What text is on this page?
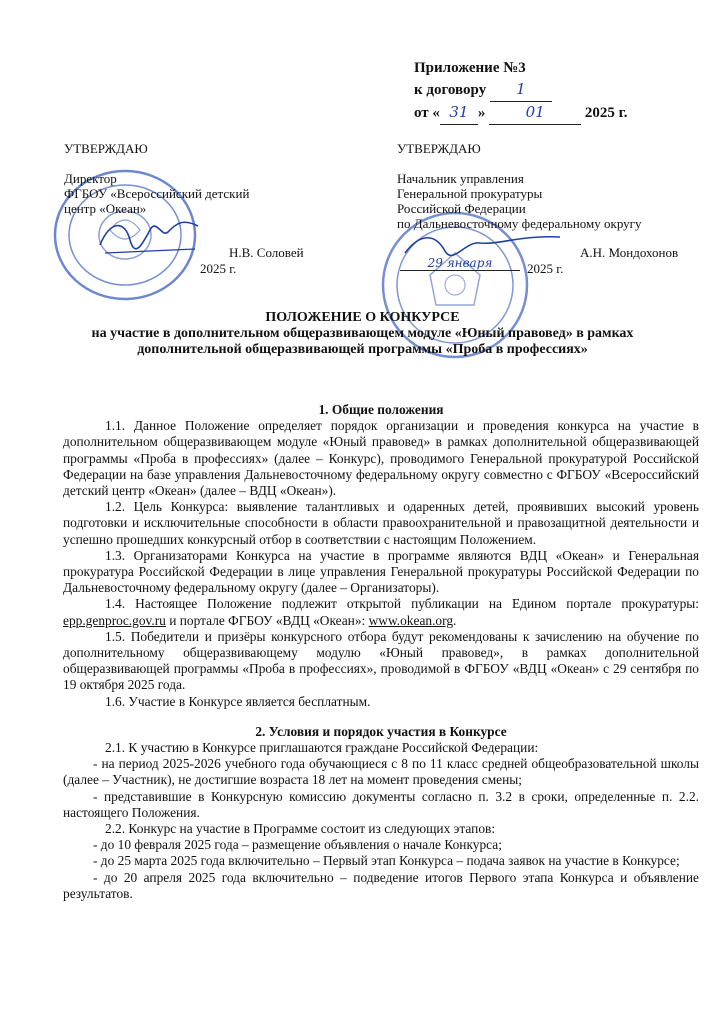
Приложение №3
к договору 1
от « 31 »	01	2025 г.
УТВЕРЖДАЮ
Директор
ФГБОУ «Всероссийский детский
центр «Океан»
Н.В. Соловей
2025 г.
УТВЕРЖДАЮ
Начальник управления
Генеральной прокуратуры
Российской Федерации
по Дальневосточному федеральному округу
А.Н. Мондохонов
29 января	2025 г.
ПОЛОЖЕНИЕ О КОНКУРСЕ
на участие в дополнительном общеразвивающем модуле «Юный правовед» в рамках
дополнительной общеразвивающей программы «Проба в профессиях»

1. Общие положения

1.1. Данное Положение определяет порядок организации и проведения конкурса на участие в дополнительном общеразвивающем модуле «Юный правовед» в рамках дополнительной общеразвивающей программы «Проба в профессиях» (далее – Конкурс), проводимого Генеральной прокуратурой Российской Федерации на базе управления Дальневосточному федеральному округу совместно с ФГБОУ «Всероссийский детский центр «Океан» (далее – ВДЦ «Океан»).

1.2. Цель Конкурса: выявление талантливых и одаренных детей, проявивших высокий уровень подготовки и исключительные способности в области правоохранительной и правозащитной деятельности и успешно прошедших конкурсный отбор в соответствии с настоящим Положением.

1.3. Организаторами Конкурса на участие в программе являются ВДЦ «Океан» и Генеральная прокуратура Российской Федерации в лице управления Генеральной прокуратуры Российской Федерации по Дальневосточному федеральному округу (далее – Организаторы).

1.4. Настоящее Положение подлежит открытой публикации на Едином портале прокуратуры: epp.genproc.gov.ru и портале ФГБОУ «ВДЦ «Океан»: www.okean.org.

1.5. Победители и призёры конкурсного отбора будут рекомендованы к зачислению на обучение по дополнительному общеразвивающему модулю «Юный правовед», в рамках дополнительной общеразвивающей программы «Проба в профессиях», проводимой в ФГБОУ «ВДЦ «Океан» с 29 сентября по 19 октября 2025 года.

1.6. Участие в Конкурсе является бесплатным.

2. Условия и порядок участия в Конкурсе

2.1. К участию в Конкурсе приглашаются граждане Российской Федерации:

- на период 2025-2026 учебного года обучающиеся с 8 по 11 класс средней общеобразовательной школы (далее – Участник), не достигшие возраста 18 лет на момент проведения смены;

- представившие в Конкурсную комиссию документы согласно п. 3.2 в сроки, определенные п. 2.2. настоящего Положения.

2.2. Конкурс на участие в Программе состоит из следующих этапов:

- до 10 февраля 2025 года – размещение объявления о начале Конкурса;

- до 25 марта 2025 года включительно – Первый этап Конкурса – подача заявок на участие в Конкурсе;

- до 20 апреля 2025 года включительно – подведение итогов Первого этапа Конкурса и объявление результатов.
